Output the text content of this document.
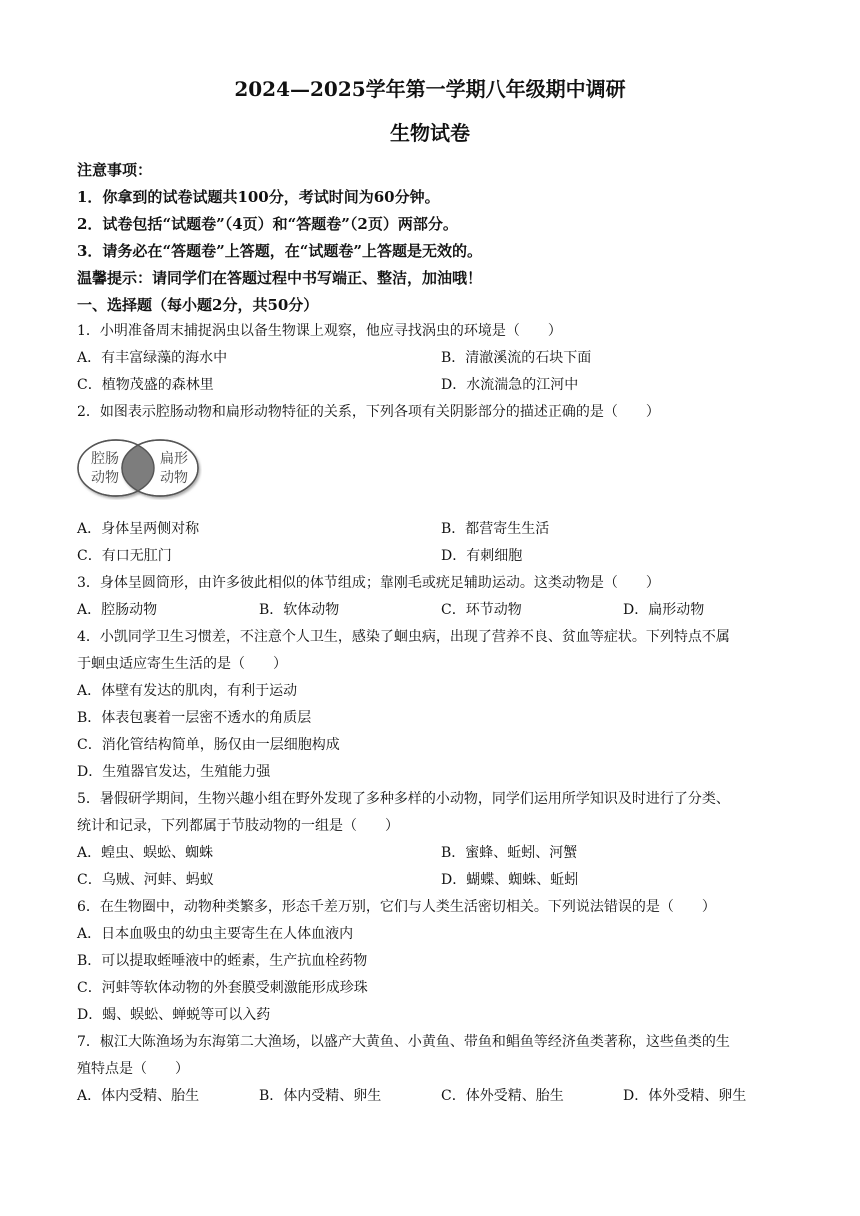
2024—2025学年第一学期八年级期中调研
生物试卷
注意事项：
1．你拿到的试卷试题共100分，考试时间为60分钟。
2．试卷包括“试题卷”（4页）和“答题卷”（2页）两部分。
3．请务必在“答题卷”上答题，在“试题卷”上答题是无效的。
温馨提示：请同学们在答题过程中书写端正、整洁，加油哦！
一、选择题（每小题2分，共50分）
1．小明准备周末捕捉涡虫以备生物课上观察，他应寻找涡虫的环境是（　　）
A．有丰富绿藻的海水中	B．清澈溪流的石块下面
C．植物茂盛的森林里	D．水流湍急的江河中
2．如图表示腔肠动物和扁形动物特征的关系，下列各项有关阴影部分的描述正确的是（　　）
腔肠
动物
扁形
动物
A．身体呈两侧对称	B．都营寄生生活
C．有口无肛门	D．有刺细胞
3．身体呈圆筒形，由许多彼此相似的体节组成；靠刚毛或疣足辅助运动。这类动物是（　　）
A．腔肠动物	B．软体动物	C．环节动物	D．扁形动物
4．小凯同学卫生习惯差，不注意个人卫生，感染了蛔虫病，出现了营养不良、贫血等症状。下列特点不属
于蛔虫适应寄生生活的是（　　）
A．体壁有发达的肌肉，有利于运动
B．体表包裹着一层密不透水的角质层
C．消化管结构简单，肠仅由一层细胞构成
D．生殖器官发达，生殖能力强
5．暑假研学期间，生物兴趣小组在野外发现了多种多样的小动物，同学们运用所学知识及时进行了分类、
统计和记录，下列都属于节肢动物的一组是（　　）
A．蝗虫、蜈蚣、蜘蛛	B．蜜蜂、蚯蚓、河蟹
C．乌贼、河蚌、蚂蚁	D．蝴蝶、蜘蛛、蚯蚓
6．在生物圈中，动物种类繁多，形态千差万别，它们与人类生活密切相关。下列说法错误的是（　　）
A．日本血吸虫的幼虫主要寄生在人体血液内
B．可以提取蛭唾液中的蛭素，生产抗血栓药物
C．河蚌等软体动物的外套膜受刺激能形成珍珠
D．蝎、蜈蚣、蝉蜕等可以入药
7．椒江大陈渔场为东海第二大渔场，以盛产大黄鱼、小黄鱼、带鱼和鲳鱼等经济鱼类著称，这些鱼类的生
殖特点是（　　）
A．体内受精、胎生	B．体内受精、卵生	C．体外受精、胎生	D．体外受精、卵生
